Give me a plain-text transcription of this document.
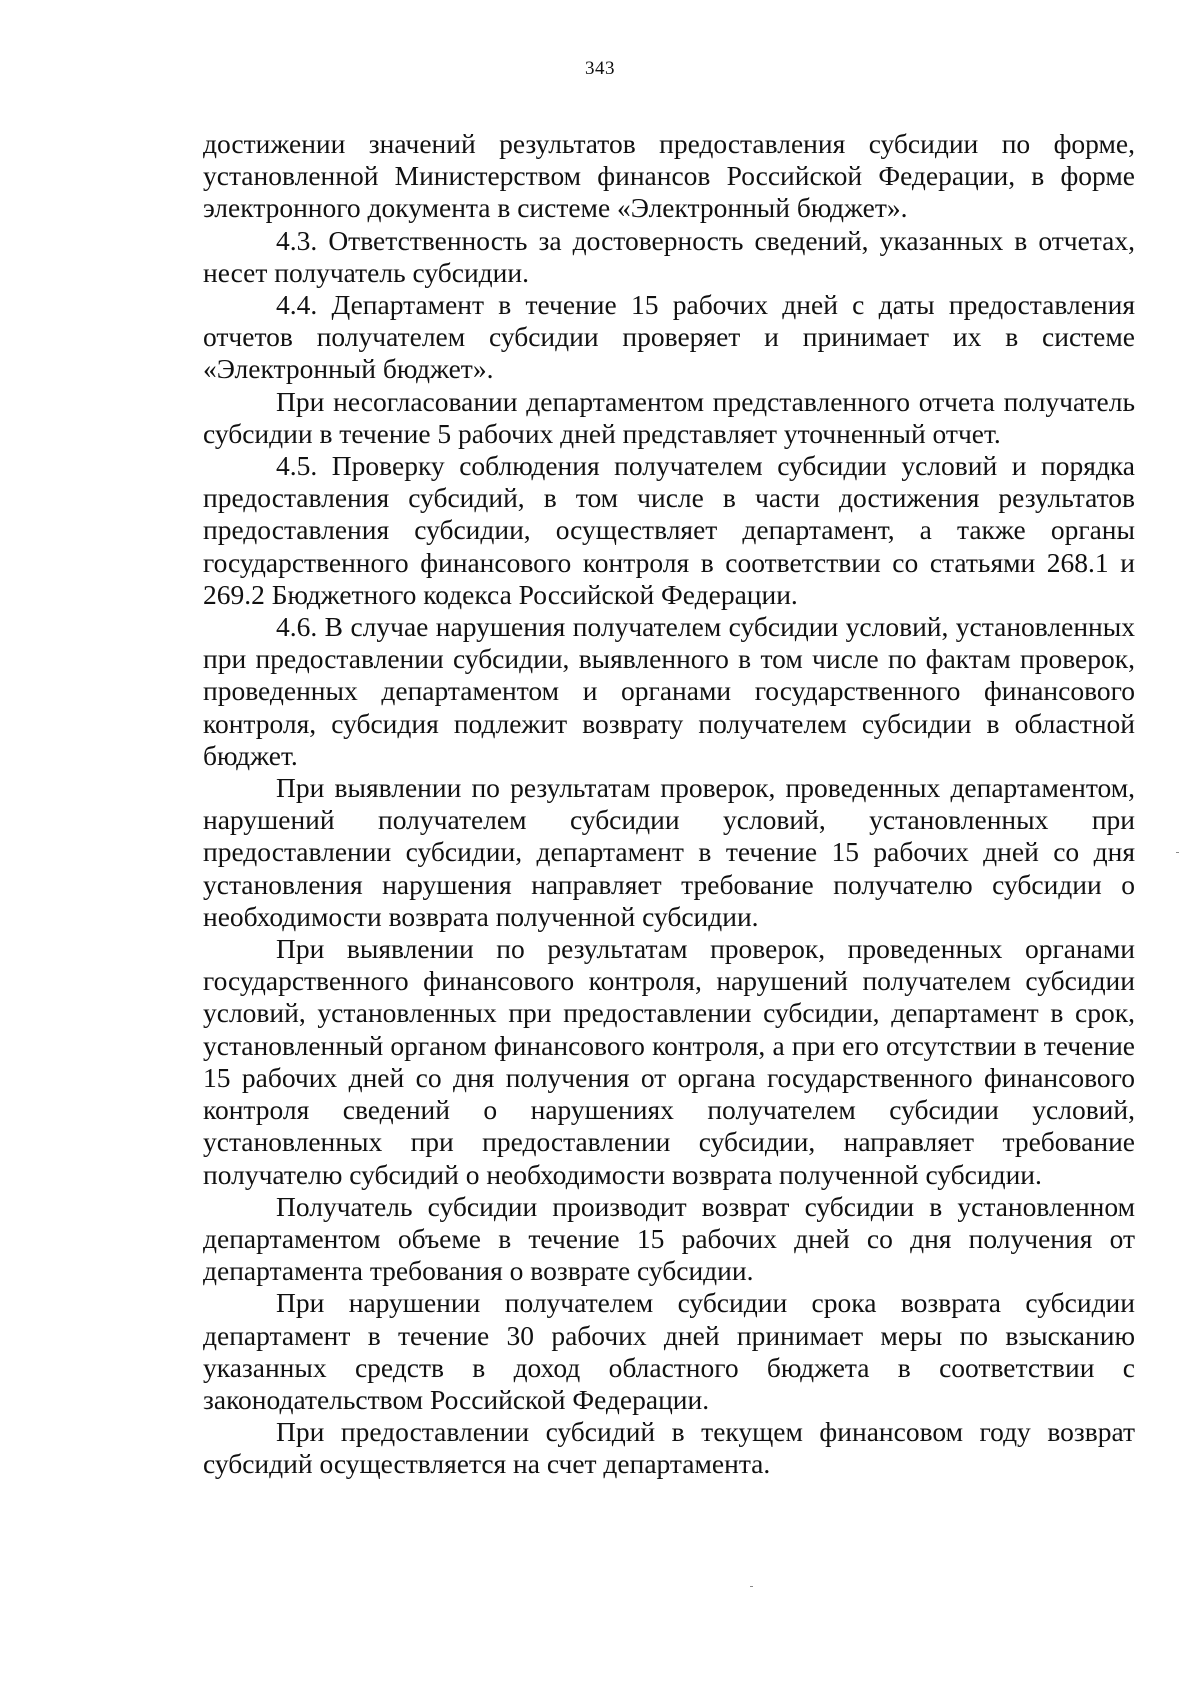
343

достижении значений результатов предоставления субсидии по форме, установленной Министерством финансов Российской Федерации, в форме электронного документа в системе «Электронный бюджет».

4.3. Ответственность за достоверность сведений, указанных в отчетах, несет получатель субсидии.

4.4. Департамент в течение 15 рабочих дней с даты предоставления отчетов получателем субсидии проверяет и принимает их в системе «Электронный бюджет».

При несогласовании департаментом представленного отчета получатель субсидии в течение 5 рабочих дней представляет уточненный отчет.

4.5. Проверку соблюдения получателем субсидии условий и порядка предоставления субсидий, в том числе в части достижения результатов предоставления субсидии, осуществляет департамент, а также органы государственного финансового контроля в соответствии со статьями 268.1 и 269.2 Бюджетного кодекса Российской Федерации.

4.6. В случае нарушения получателем субсидии условий, установленных при предоставлении субсидии, выявленного в том числе по фактам проверок, проведенных департаментом и органами государственного финансового контроля, субсидия подлежит возврату получателем субсидии в областной бюджет.

При выявлении по результатам проверок, проведенных департаментом, нарушений получателем субсидии условий, установленных при предоставлении субсидии, департамент в течение 15 рабочих дней со дня установления нарушения направляет требование получателю субсидии о необходимости возврата полученной субсидии.

При выявлении по результатам проверок, проведенных органами государственного финансового контроля, нарушений получателем субсидии условий, установленных при предоставлении субсидии, департамент в срок, установленный органом финансового контроля, а при его отсутствии в течение 15 рабочих дней со дня получения от органа государственного финансового контроля сведений о нарушениях получателем субсидии условий, установленных при предоставлении субсидии, направляет требование получателю субсидий о необходимости возврата полученной субсидии.

Получатель субсидии производит возврат субсидии в установленном департаментом объеме в течение 15 рабочих дней со дня получения от департамента требования о возврате субсидии.

При нарушении получателем субсидии срока возврата субсидии департамент в течение 30 рабочих дней принимает меры по взысканию указанных средств в доход областного бюджета в соответствии с законодательством Российской Федерации.

При предоставлении субсидий в текущем финансовом году возврат субсидий осуществляется на счет департамента.
